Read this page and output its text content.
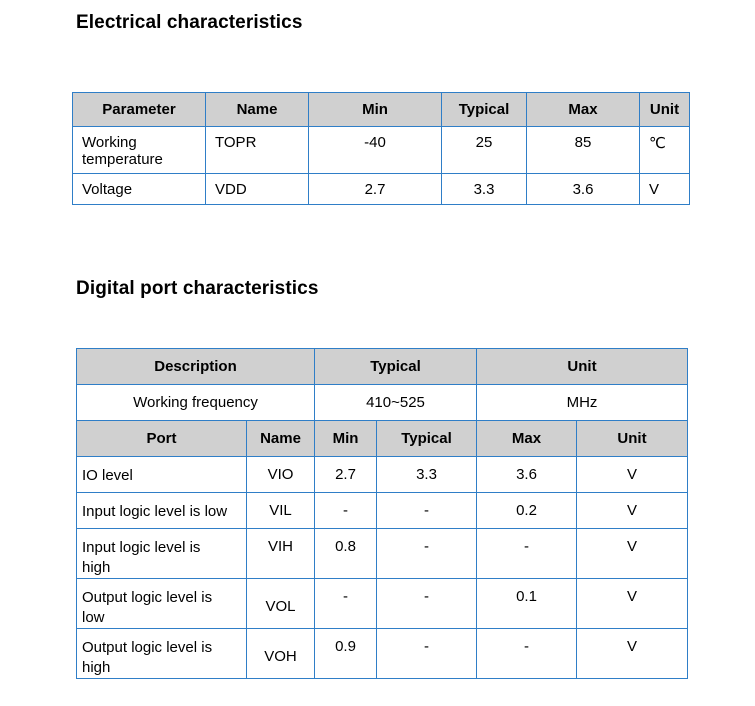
Electrical characteristics
Parameter	Name	Min	Typical	Max	Unit
Working
temperature	TOPR	-40	25	85	℃
Voltage	VDD	2.7	3.3	3.6	V
Digital port characteristics
Description		Typical		Unit	
Working frequency		410~525		MHz	
Port	Name	Min	Typical	Max	Unit
IO level	VIO	2.7	3.3	3.6	V
Input logic level is low	VIL	-	-	0.2	V
Input logic level is
high	VIH	0.8	-	-	V
Output logic level is
low	VOL	-	-	0.1	V
Output logic level is
high	VOH	0.9	-	-	V
